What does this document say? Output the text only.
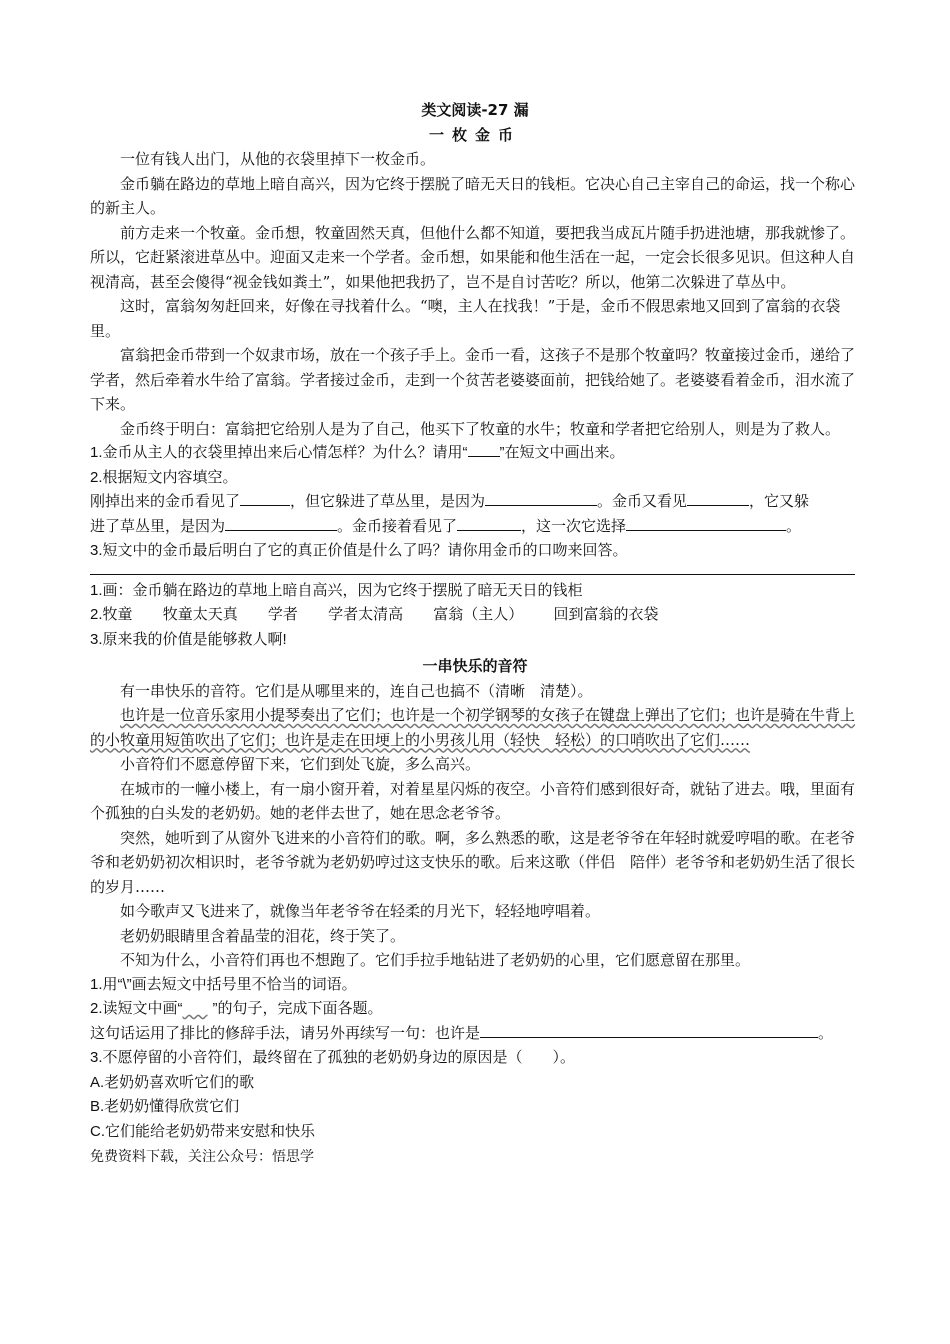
类文阅读-27 漏

一枚金币

一位有钱人出门，从他的衣袋里掉下一枚金币。

金币躺在路边的草地上暗自高兴，因为它终于摆脱了暗无天日的钱柜。它决心自己主宰自己的命运，找一个称心的新主人。

前方走来一个牧童。金币想，牧童固然天真，但他什么都不知道，要把我当成瓦片随手扔进池塘，那我就惨了。所以，它赶紧滚进草丛中。迎面又走来一个学者。金币想，如果能和他生活在一起，一定会长很多见识。但这种人自视清高，甚至会傻得“视金钱如粪土”，如果他把我扔了，岂不是自讨苦吃？所以，他第二次躲进了草丛中。

这时，富翁匆匆赶回来，好像在寻找着什么。“噢，主人在找我！”于是，金币不假思索地又回到了富翁的衣袋里。

富翁把金币带到一个奴隶市场，放在一个孩子手上。金币一看，这孩子不是那个牧童吗？牧童接过金币，递给了学者，然后牵着水牛给了富翁。学者接过金币，走到一个贫苦老婆婆面前，把钱给她了。老婆婆看着金币，泪水流了下来。

金币终于明白：富翁把它给别人是为了自己，他买下了牧童的水牛；牧童和学者把它给别人，则是为了救人。

1.金币从主人的衣袋里掉出来后心情怎样？为什么？请用“ ”在短文中画出来。

2.根据短文内容填空。

刚掉出来的金币看见了	，但它躲进了草丛里，是因为	。金币又看见	，它又躲

进了草丛里，是因为	。金币接着看见了	，这一次它选择	。

3.短文中的金币最后明白了它的真正价值是什么了吗？请你用金币的口吻来回答。

1.画：金币躺在路边的草地上暗自高兴，因为它终于摆脱了暗无天日的钱柜

2.牧童 牧童太天真 学者 学者太清高 富翁（主人） 回到富翁的衣袋

3.原来我的价值是能够救人啊!

一串快乐的音符

有一串快乐的音符。它们是从哪里来的，连自己也搞不（清晰　清楚）。

也许是一位音乐家用小提琴奏出了它们；也许是一个初学钢琴的女孩子在键盘上弹出了它们；也许是骑在牛背上的小牧童用短笛吹出了它们；也许是走在田埂上的小男孩儿用（轻快　轻松）的口哨吹出了它们……

小音符们不愿意停留下来，它们到处飞旋，多么高兴。

在城市的一幢小楼上，有一扇小窗开着，对着星星闪烁的夜空。小音符们感到很好奇，就钻了进去。哦，里面有个孤独的白头发的老奶奶。她的老伴去世了，她在思念老爷爷。

突然，她听到了从窗外飞进来的小音符们的歌。啊，多么熟悉的歌，这是老爷爷在年轻时就爱哼唱的歌。在老爷爷和老奶奶初次相识时，老爷爷就为老奶奶哼过这支快乐的歌。后来这歌（伴侣　陪伴）老爷爷和老奶奶生活了很长的岁月……

如今歌声又飞进来了，就像当年老爷爷在轻柔的月光下，轻轻地哼唱着。

老奶奶眼睛里含着晶莹的泪花，终于笑了。

不知为什么，小音符们再也不想跑了。它们手拉手地钻进了老奶奶的心里，它们愿意留在那里。

1.用“\”画去短文中括号里不恰当的词语。

2.读短文中画“​      ”的句子，完成下面各题。

这句话运用了排比的修辞手法，请另外再续写一句：也许是	。

3.不愿停留的小音符们，最终留在了孤独的老奶奶身边的原因是（　　）。

A.老奶奶喜欢听它们的歌

B.老奶奶懂得欣赏它们

C.它们能给老奶奶带来安慰和快乐

免费资料下载，关注公众号：悟思学
